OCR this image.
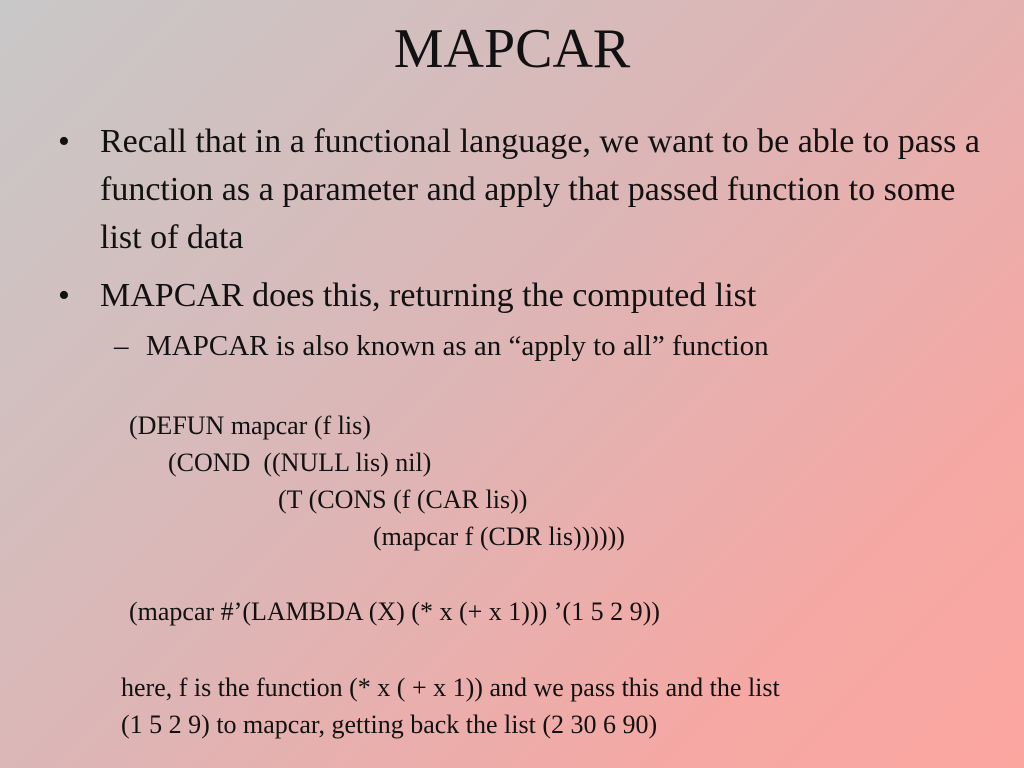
MAPCAR
• Recall that in a functional language, we want to be able to pass a function as a parameter and apply that passed function to some list of data
• MAPCAR does this, returning the computed list
– MAPCAR is also known as an “apply to all” function
(DEFUN mapcar (f lis)
(COND  ((NULL lis) nil)
(T (CONS (f (CAR lis))
(mapcar f (CDR lis))))))
(mapcar #’(LAMBDA (X) (* x (+ x 1))) ’(1 5 2 9))
here, f is the function (* x ( + x 1)) and we pass this and the list
(1 5 2 9) to mapcar, getting back the list (2 30 6 90)
